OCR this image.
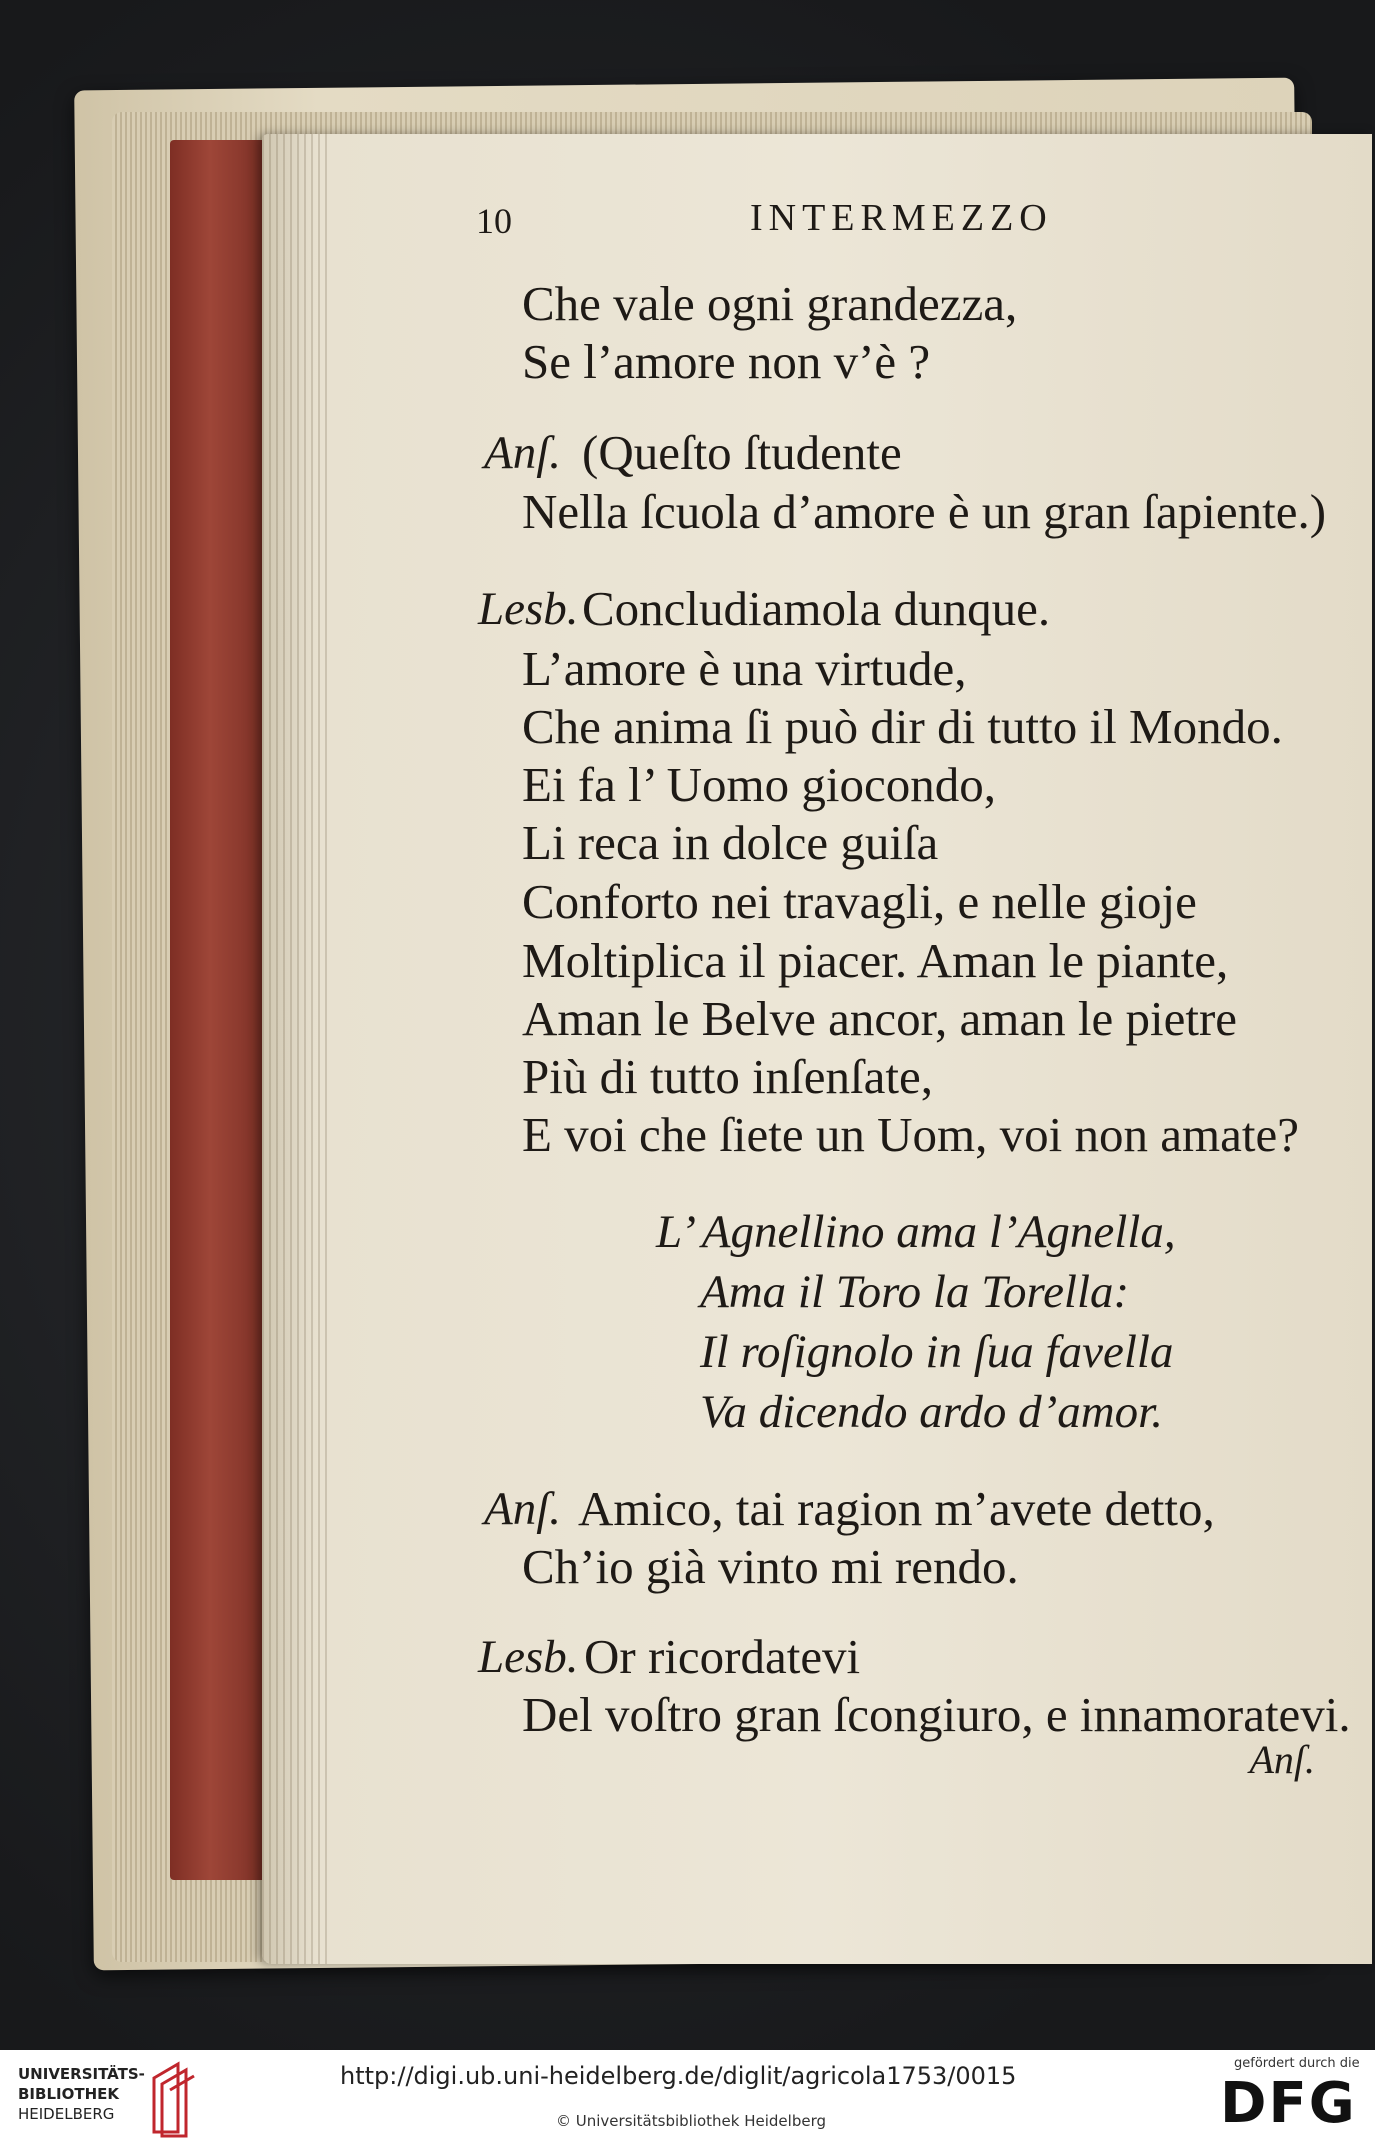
10	INTERMEZZO
Che vale ogni grandezza,
Se l’amore non v’è ?
Anſ. (Queſto ſtudente
Nella ſcuola d’amore è un gran ſapiente.)
Lesb. Concludiamola dunque.
L’amore è una virtude,
Che anima ſi può dir di tutto il Mondo.
Ei fa l’ Uomo giocondo,
Li reca in dolce guiſa
Conforto nei travagli, e nelle gioje
Moltiplica il piacer. Aman le piante,
Aman le Belve ancor, aman le pietre
Più di tutto inſenſate,
E voi che ſiete un Uom, voi non amate?
L’ Agnellino ama l’Agnella,
Ama il Toro la Torella:
Il roſignolo in ſua favella
Va dicendo ardo d’amor.
Anſ. Amico, tai ragion m’avete detto,
Ch’io già vinto mi rendo.
Lesb. Or ricordatevi
Del voſtro gran ſcongiuro, e innamoratevi.
Anſ.
UNIVERSITÄTS-
BIBLIOTHEK
HEIDELBERG
http://digi.ub.uni-heidelberg.de/diglit/agricola1753/0015
© Universitätsbibliothek Heidelberg
gefördert durch die
DFG
